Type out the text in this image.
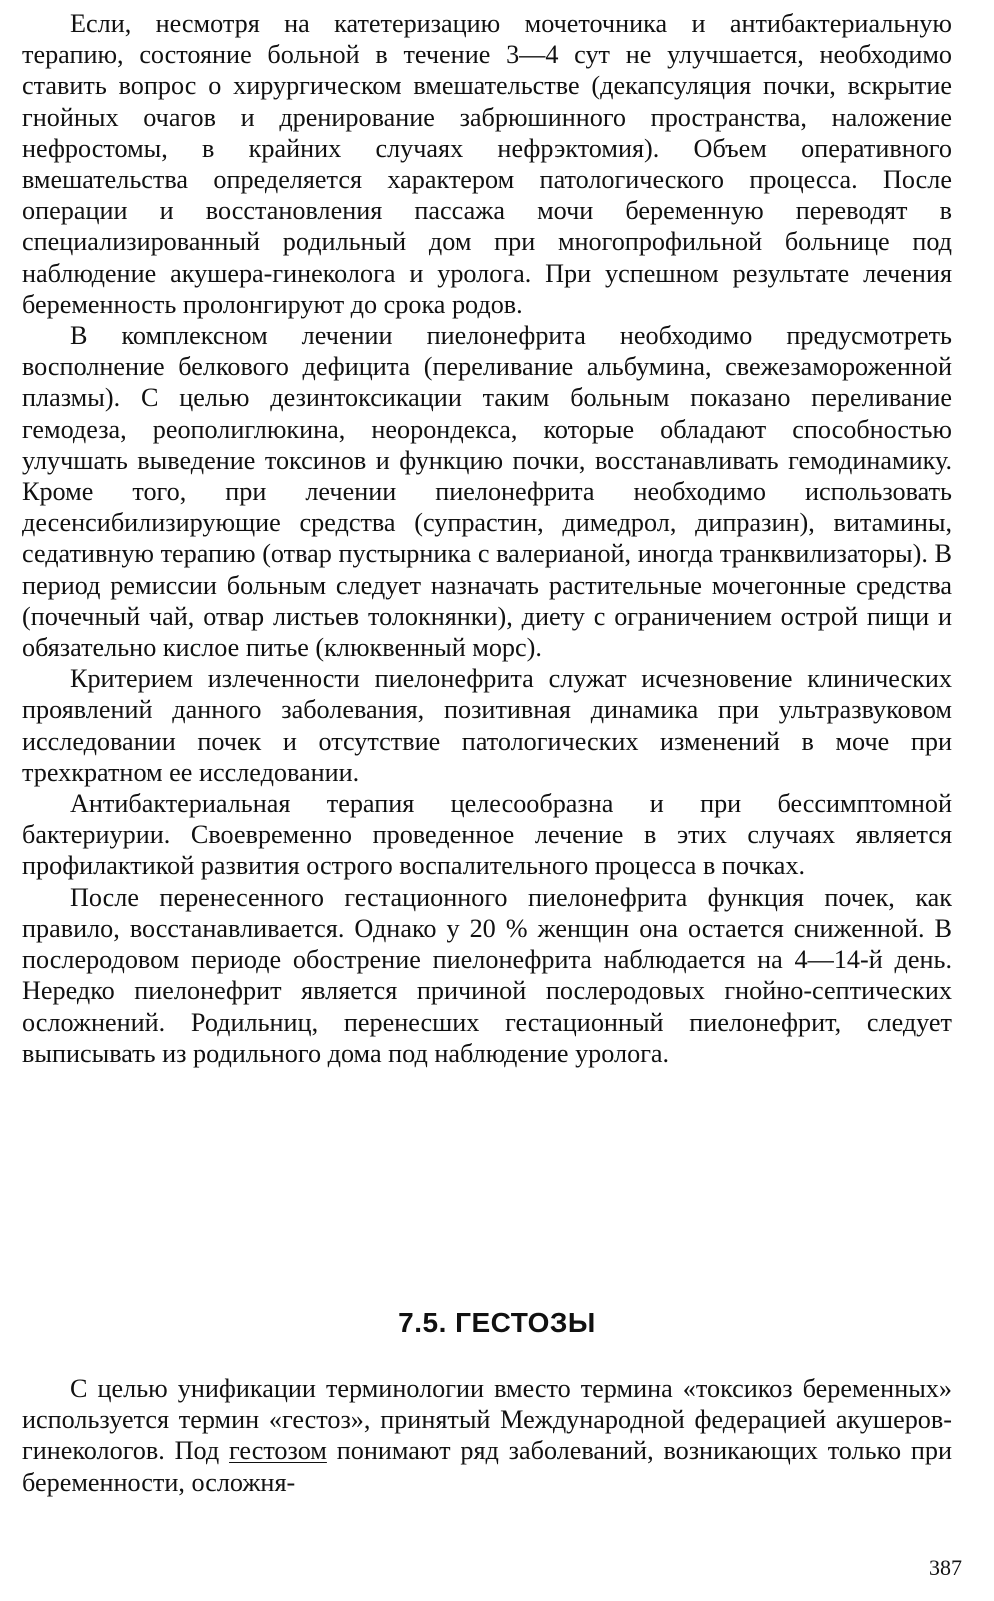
Если, несмотря на катетеризацию мочеточника и антибактериальную терапию, состояние больной в течение 3—4 сут не улучшается, необходимо ставить вопрос о хирургическом вмешательстве (декапсуляция почки, вскрытие гнойных очагов и дренирование забрюшинного пространства, наложение нефростомы, в крайних случаях нефрэктомия). Объем оперативного вмешательства определяется характером патологического процесса. После операции и восстановления пассажа мочи беременную переводят в специализированный родильный дом при многопрофильной больнице под наблюдение акушера-гинеколога и уролога. При успешном результате лечения беременность пролонгируют до срока родов.

В комплексном лечении пиелонефрита необходимо предусмотреть восполнение белкового дефицита (переливание альбумина, свежезамороженной плазмы). С целью дезинтоксикации таким больным показано переливание гемодеза, реополиглюкина, неорондекса, которые обладают способностью улучшать выведение токсинов и функцию почки, восстанавливать гемодинамику. Кроме того, при лечении пиелонефрита необходимо использовать десенсибилизирующие средства (супрастин, димедрол, дипразин), витамины, седативную терапию (отвар пустырника с валерианой, иногда транквилизаторы). В период ремиссии больным следует назначать растительные мочегонные средства (почечный чай, отвар листьев толокнянки), диету с ограничением острой пищи и обязательно кислое питье (клюквенный морс).

Критерием излеченности пиелонефрита служат исчезновение клинических проявлений данного заболевания, позитивная динамика при ультразвуковом исследовании почек и отсутствие патологических изменений в моче при трехкратном ее исследовании.

Антибактериальная терапия целесообразна и при бессимптомной бактериурии. Своевременно проведенное лечение в этих случаях является профилактикой развития острого воспалительного процесса в почках.

После перенесенного гестационного пиелонефрита функция почек, как правило, восстанавливается. Однако у 20 % женщин она остается сниженной. В послеродовом периоде обострение пиелонефрита наблюдается на 4—14-й день. Нередко пиелонефрит является причиной послеродовых гнойно-септических осложнений. Родильниц, перенесших гестационный пиелонефрит, следует выписывать из родильного дома под наблюдение уролога.

7.5. ГЕСТОЗЫ

С целью унификации терминологии вместо термина «токсикоз беременных» используется термин «гестоз», принятый Международной федерацией акушеров-гинекологов. Под гестозом понимают ряд заболеваний, возникающих только при беременности, осложня-

387
